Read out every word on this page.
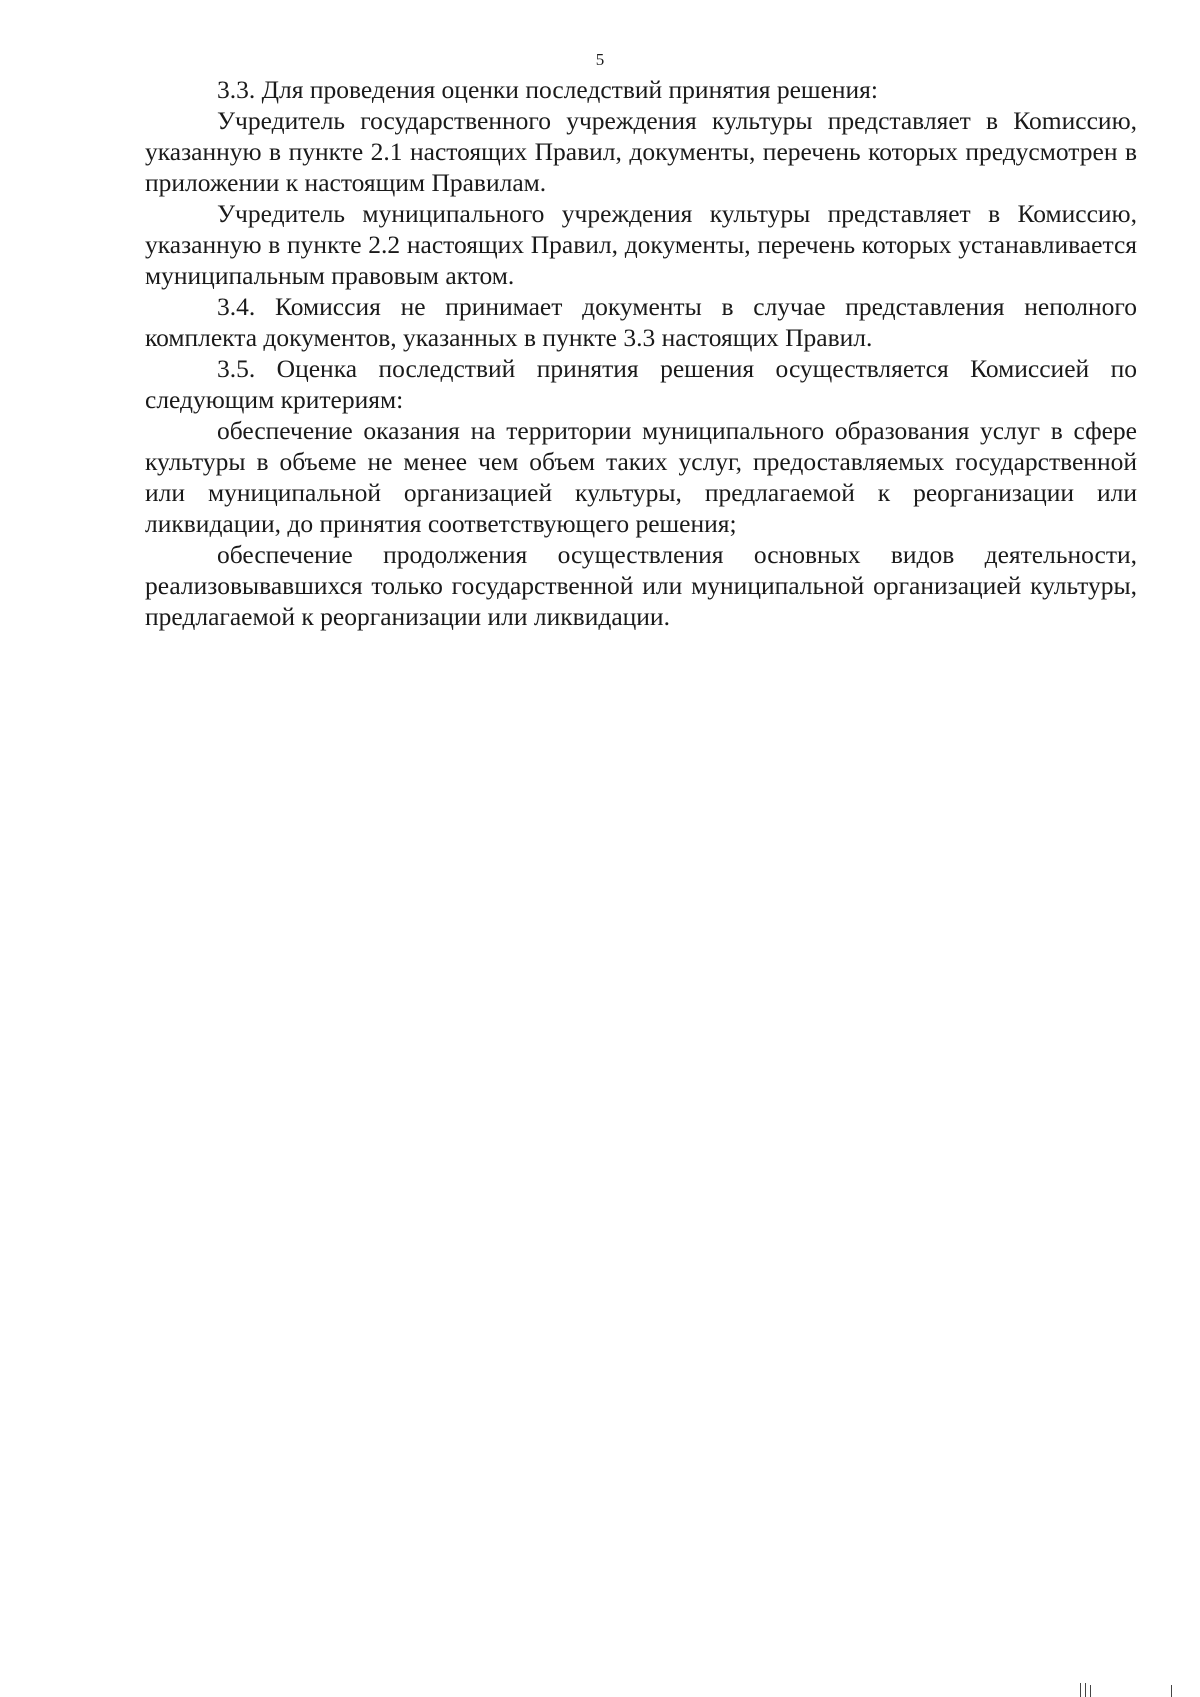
5

3.3. Для проведения оценки последствий принятия решения:

Учредитель государственного учреждения культуры представляет в Коmиссию, указанную в пункте 2.1 настоящих Правил, документы, перечень которых предусмотрен в приложении к настоящим Правилам.

Учредитель муниципального учреждения культуры представляет в Комиссию, указанную в пункте 2.2 настоящих Правил, документы, перечень которых устанавливается муниципальным правовым актом.

3.4. Комиссия не принимает документы в случае представления неполного комплекта документов, указанных в пункте 3.3 настоящих Правил.

3.5. Оценка последствий принятия решения осуществляется Комиссией по следующим критериям:

обеспечение оказания на территории муниципального образования услуг в сфере культуры в объеме не менее чем объем таких услуг, предоставляемых государственной или муниципальной организацией культуры, предлагаемой к реорганизации или ликвидации, до принятия соответствующего решения;

обеспечение продолжения осуществления основных видов деятельности, реализовывавшихся только государственной или муниципальной организацией культуры, предлагаемой к реорганизации или ликвидации.
